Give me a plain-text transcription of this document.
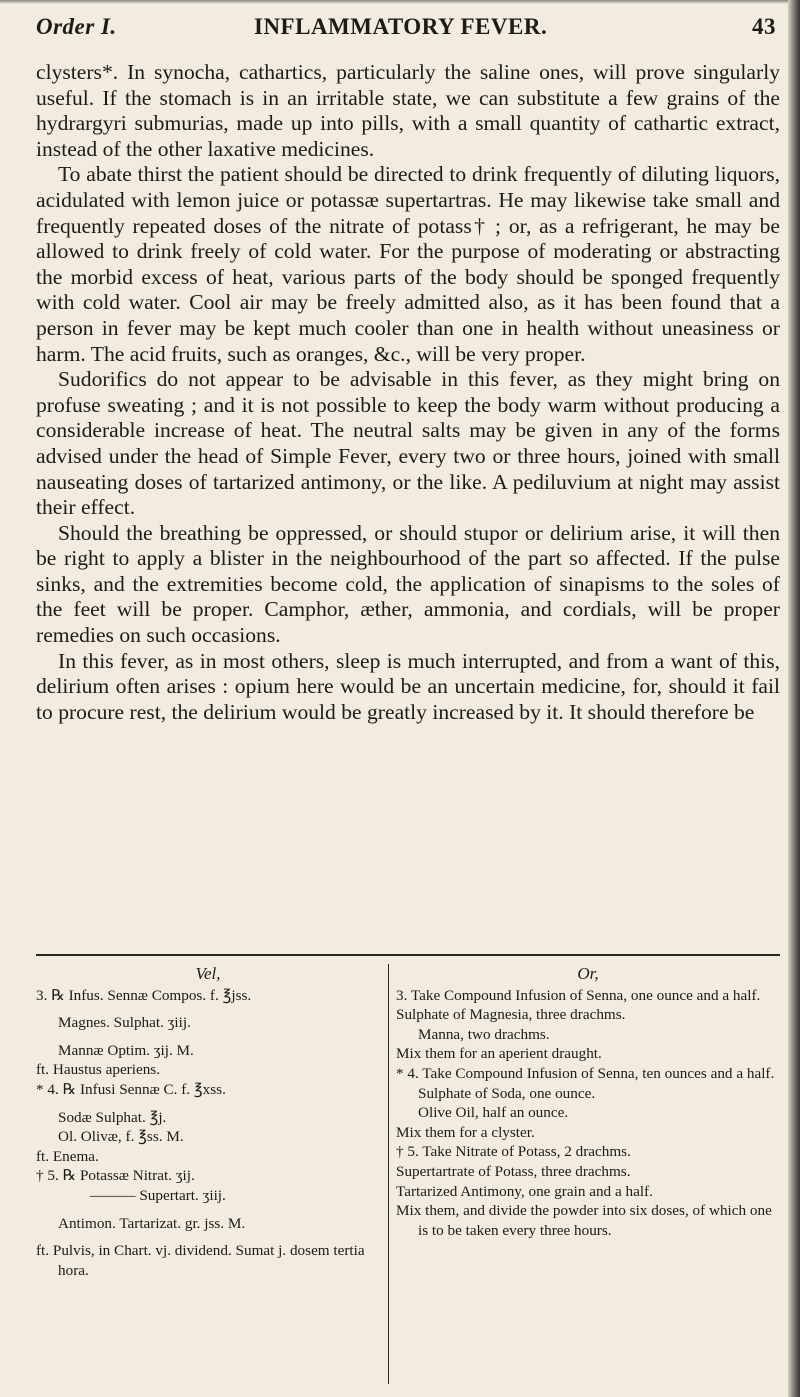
Order I.	INFLAMMATORY FEVER.	43

clysters*. In synocha, cathartics, particularly the saline ones, will prove singularly useful. If the stomach is in an irritable state, we can substitute a few grains of the hydrargyri submurias, made up into pills, with a small quantity of cathartic extract, instead of the other laxative medicines.

To abate thirst the patient should be directed to drink frequently of diluting liquors, acidulated with lemon juice or potassæ supertartras. He may likewise take small and frequently repeated doses of the nitrate of potass† ; or, as a refrigerant, he may be allowed to drink freely of cold water. For the purpose of moderating or abstracting the morbid excess of heat, various parts of the body should be sponged frequently with cold water. Cool air may be freely admitted also, as it has been found that a person in fever may be kept much cooler than one in health without uneasiness or harm. The acid fruits, such as oranges, &c., will be very proper.

Sudorifics do not appear to be advisable in this fever, as they might bring on profuse sweating ; and it is not possible to keep the body warm without producing a considerable increase of heat. The neutral salts may be given in any of the forms advised under the head of Simple Fever, every two or three hours, joined with small nauseating doses of tartarized antimony, or the like. A pediluvium at night may assist their effect.

Should the breathing be oppressed, or should stupor or delirium arise, it will then be right to apply a blister in the neighbourhood of the part so affected. If the pulse sinks, and the extremities become cold, the application of sinapisms to the soles of the feet will be proper. Camphor, æther, ammonia, and cordials, will be proper remedies on such occasions.

In this fever, as in most others, sleep is much interrupted, and from a want of this, delirium often arises : opium here would be an uncertain medicine, for, should it fail to procure rest, the delirium would be greatly increased by it. It should therefore be

Vel,
3. ℞ Infus. Sennæ Compos. f. ℥jss.
Magnes. Sulphat. ʒiij.
Mannæ Optim. ʒij. M.
ft. Haustus aperiens.
* 4. ℞ Infusi Sennæ C. f. ℥xss.
Sodæ Sulphat. ℥j.
Ol. Olivæ, f. ℥ss. M.
ft. Enema.
† 5. ℞ Potassæ Nitrat. ʒij.
——— Supertart. ʒiij.
Antimon. Tartarizat. gr. jss. M.
ft. Pulvis, in Chart. vj. dividend. Sumat j. dosem tertia hora.
Or,
3. Take Compound Infusion of Senna, one ounce and a half.
Sulphate of Magnesia, three drachms.
Manna, two drachms.
Mix them for an aperient draught.
* 4. Take Compound Infusion of Senna, ten ounces and a half.
Sulphate of Soda, one ounce.
Olive Oil, half an ounce.
Mix them for a clyster.
† 5. Take Nitrate of Potass, 2 drachms.
Supertartrate of Potass, three drachms.
Tartarized Antimony, one grain and a half.
Mix them, and divide the powder into six doses, of which one is to be taken every three hours.
